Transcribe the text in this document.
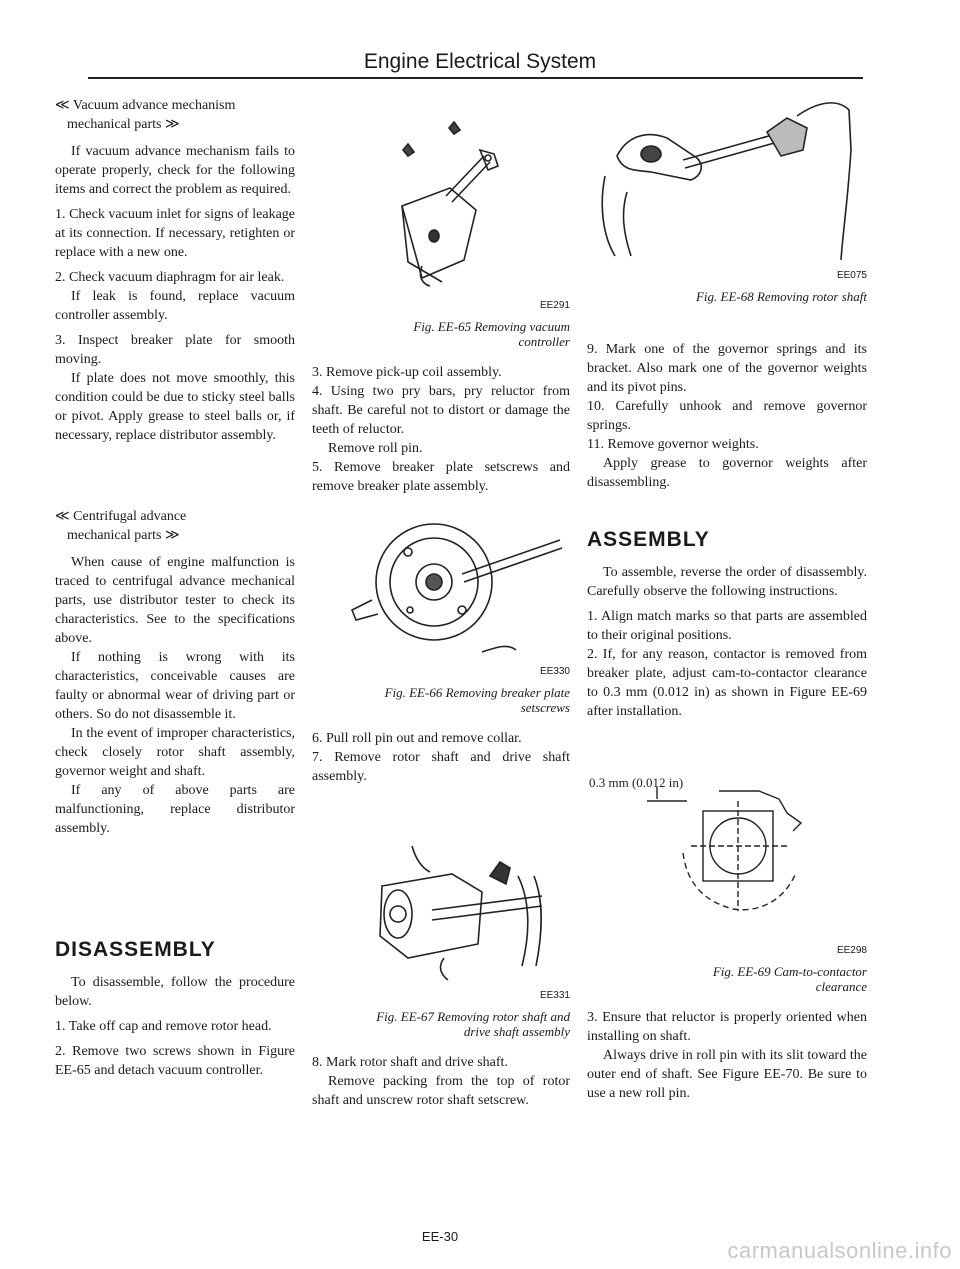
Engine Electrical System
≪ Vacuum advance mechanism
mechanical parts ≫

If vacuum advance mechanism fails to operate properly, check for the following items and correct the problem as required.

1. Check vacuum inlet for signs of leakage at its connection. If necessary, retighten or replace with a new one.

2. Check vacuum diaphragm for air leak.

If leak is found, replace vacuum controller assembly.

3. Inspect breaker plate for smooth moving.

If plate does not move smoothly, this condition could be due to sticky steel balls or pivot. Apply grease to steel balls or, if necessary, replace distributor assembly.

≪ Centrifugal advance
mechanical parts ≫

When cause of engine malfunction is traced to centrifugal advance mechanical parts, use distributor tester to check its characteristics. See to the specifications above.

If nothing is wrong with its characteristics, conceivable causes are faulty or abnormal wear of driving part or others. So do not disassemble it.

In the event of improper characteristics, check closely rotor shaft assembly, governor weight and shaft.

If any of above parts are malfunctioning, replace distributor assembly.

DISASSEMBLY

To disassemble, follow the procedure below.

1. Take off cap and remove rotor head.

2. Remove two screws shown in Figure EE-65 and detach vacuum controller.

EE291
Fig. EE-65 Removing vacuum
controller

3. Remove pick-up coil assembly.

4. Using two pry bars, pry reluctor from shaft. Be careful not to distort or damage the teeth of reluctor.

Remove roll pin.

5. Remove breaker plate setscrews and remove breaker plate assembly.

EE330
Fig. EE-66 Removing breaker plate
setscrews

6. Pull roll pin out and remove collar.

7. Remove rotor shaft and drive shaft assembly.

EE331
Fig. EE-67 Removing rotor shaft and
drive shaft assembly

8. Mark rotor shaft and drive shaft.

Remove packing from the top of rotor shaft and unscrew rotor shaft setscrew.

EE075
Fig. EE-68 Removing rotor shaft

9. Mark one of the governor springs and its bracket. Also mark one of the governor weights and its pivot pins.

10. Carefully unhook and remove governor springs.

11. Remove governor weights.

Apply grease to governor weights after disassembling.

ASSEMBLY

To assemble, reverse the order of disassembly. Carefully observe the following instructions.

1. Align match marks so that parts are assembled to their original positions.

2. If, for any reason, contactor is removed from breaker plate, adjust cam-to-contactor clearance to 0.3 mm (0.012 in) as shown in Figure EE-69 after installation.

0.3 mm (0.012 in)
EE298
Fig. EE-69 Cam-to-contactor
clearance

3. Ensure that reluctor is properly oriented when installing on shaft.

Always drive in roll pin with its slit toward the outer end of shaft. See Figure EE-70. Be sure to use a new roll pin.

EE-30
carmanualsonline.info
